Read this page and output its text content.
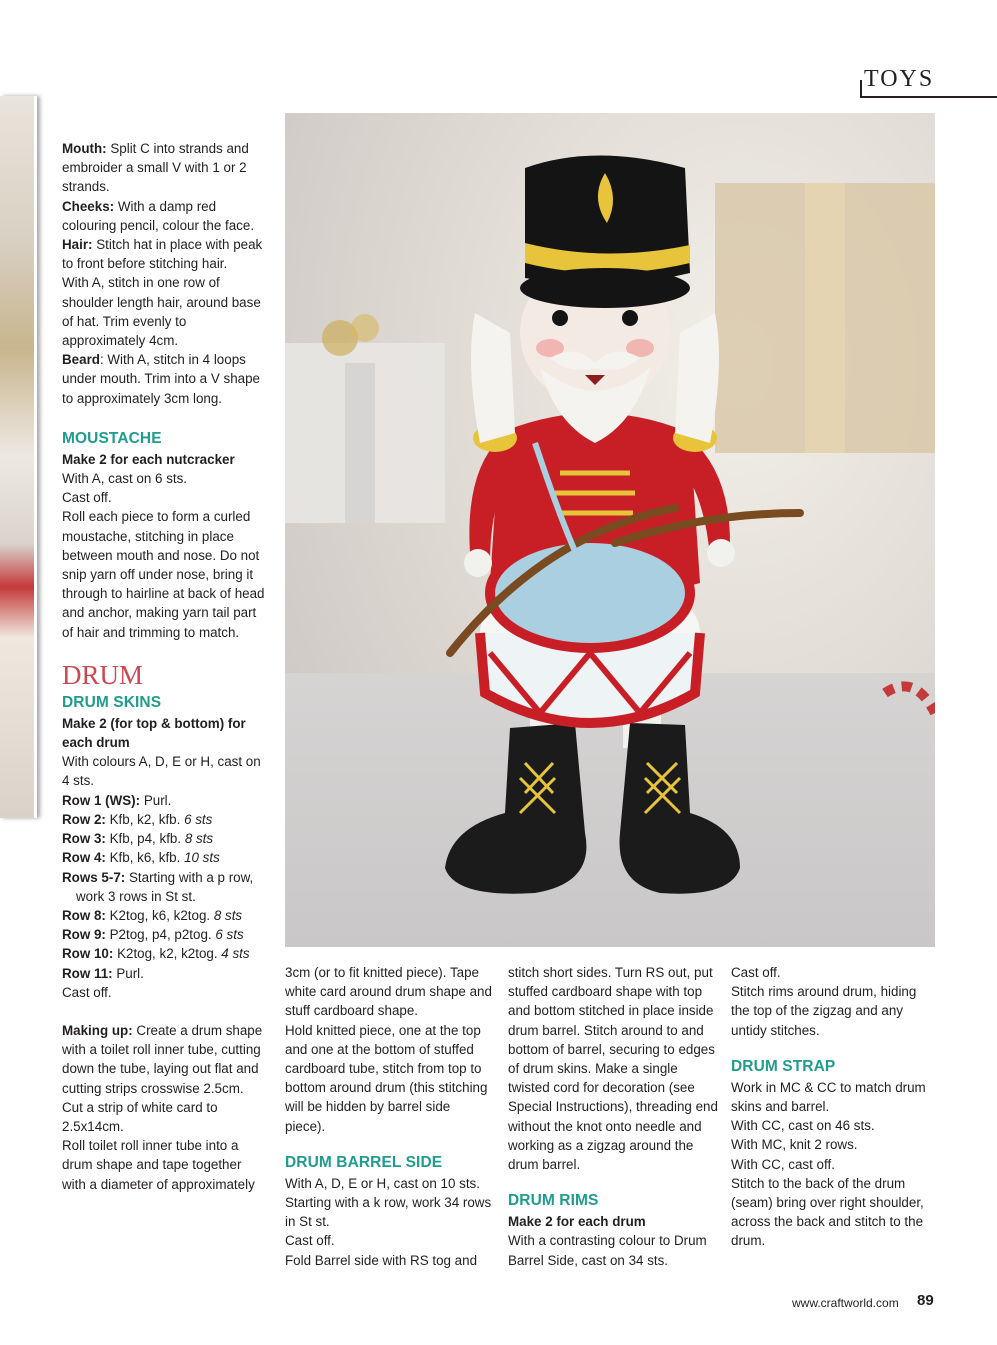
TOYS

Mouth: Split C into strands and embroider a small V with 1 or 2 strands.

Cheeks: With a damp red colouring pencil, colour the face.

Hair: Stitch hat in place with peak to front before stitching hair.

With A, stitch in one row of shoulder length hair, around base of hat. Trim evenly to approximately 4cm.

Beard: With A, stitch in 4 loops under mouth. Trim into a V shape to approximately 3cm long.

MOUSTACHE

Make 2 for each nutcracker

With A, cast on 6 sts.

Cast off.

Roll each piece to form a curled moustache, stitching in place between mouth and nose. Do not snip yarn off under nose, bring it through to hairline at back of head and anchor, making yarn tail part of hair and trimming to match.

DRUM

DRUM SKINS

Make 2 (for top & bottom) for each drum

With colours A, D, E or H, cast on 4 sts.

Row 1 (WS): Purl.

Row 2: Kfb, k2, kfb. 6 sts

Row 3: Kfb, p4, kfb. 8 sts

Row 4: Kfb, k6, kfb. 10 sts

Rows 5-7: Starting with a p row, work 3 rows in St st.

Row 8: K2tog, k6, k2tog. 8 sts

Row 9: P2tog, p4, p2tog. 6 sts

Row 10: K2tog, k2, k2tog. 4 sts

Row 11: Purl.

Cast off.

Making up: Create a drum shape with a toilet roll inner tube, cutting down the tube, laying out flat and cutting strips crosswise 2.5cm. Cut a strip of white card to 2.5x14cm.

Roll toilet roll inner tube into a drum shape and tape together with a diameter of approximately

3cm (or to fit knitted piece). Tape white card around drum shape and stuff cardboard shape.

Hold knitted piece, one at the top and one at the bottom of stuffed cardboard tube, stitch from top to bottom around drum (this stitching will be hidden by barrel side piece).

DRUM BARREL SIDE

With A, D, E or H, cast on 10 sts.

Starting with a k row, work 34 rows in St st.

Cast off.

Fold Barrel side with RS tog and

stitch short sides. Turn RS out, put stuffed cardboard shape with top and bottom stitched in place inside drum barrel. Stitch around to and bottom of barrel, securing to edges of drum skins. Make a single twisted cord for decoration (see Special Instructions), threading end without the knot onto needle and working as a zigzag around the drum barrel.

DRUM RIMS

Make 2 for each drum

With a contrasting colour to Drum Barrel Side, cast on 34 sts.

Cast off.

Stitch rims around drum, hiding the top of the zigzag and any untidy stitches.

DRUM STRAP

Work in MC & CC to match drum skins and barrel.

With CC, cast on 46 sts.

With MC, knit 2 rows.

With CC, cast off.

Stitch to the back of the drum (seam) bring over right shoulder, across the back and stitch to the drum.

www.craftworld.com 89
